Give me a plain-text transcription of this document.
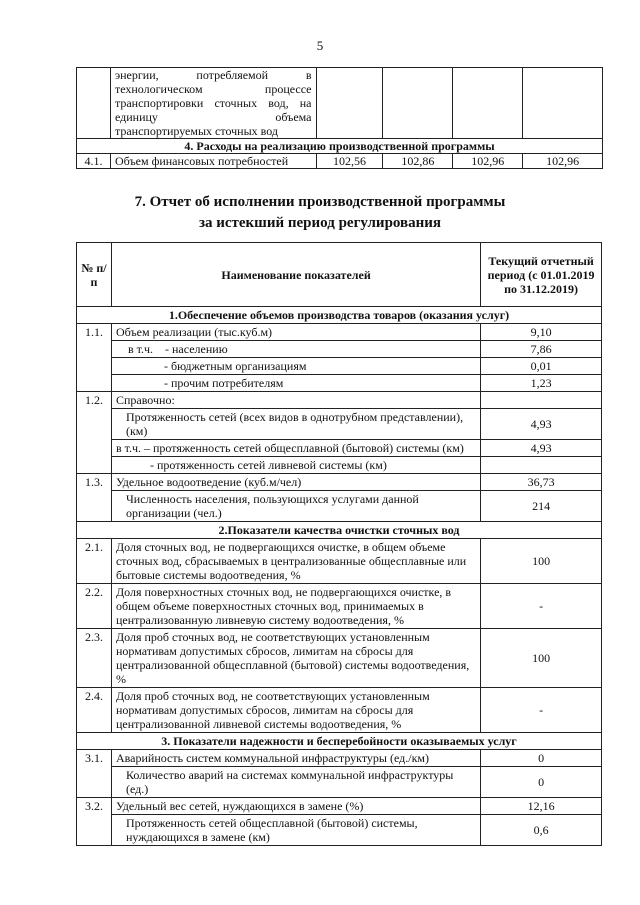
5

	энергии, потребляемой в
технологическом процессе
транспортировки сточных вод, на
единицу объема
транспортируемых сточных вод				

4. Расходы на реализацию производственной программы					
4.1.	Объем финансовых потребностей	102,56	102,86	102,96	102,96
7. Отчет об исполнении производственной программы
за истекший период регулирования
№ п/п	Наименование показателей	Текущий отчетный период (с 01.01.2019 по 31.12.2019)
1.Обеспечение объемов производства товаров (оказания услуг)		
1.1.	Объем реализации (тыс.куб.м)	9,10
	в т.ч. - населению	7,86

	- бюджетным организациям	0,01

	- прочим потребителям	1,23
1.2.	Справочно:	

	Протяженность сетей (всех видов в однотрубном представлении), (км)	4,93
	в т.ч. – протяженность сетей общесплавной (бытовой) системы (км)	4,93

	- протяженность сетей ливневой системы (км)	

1.3.	Удельное водоотведение (куб.м/чел)	36,73

	Численность населения, пользующихся услугами данной организации (чел.)	214
2.Показатели качества очистки сточных вод		
2.1.	Доля сточных вод, не подвергающихся очистке, в общем объеме сточных вод, сбрасываемых в централизованные общесплавные или бытовые системы водоотведения, %	100
2.2.	Доля поверхностных сточных вод, не подвергающихся очистке, в общем объеме поверхностных сточных вод, принимаемых в централизованную ливневую систему водоотведения, %	-
2.3.	Доля проб сточных вод, не соответствующих установленным нормативам допустимых сбросов, лимитам на сбросы для централизованной общесплавной (бытовой) системы водоотведения, %	100
2.4.	Доля проб сточных вод, не соответствующих установленным нормативам допустимых сбросов, лимитам на сбросы для централизованной ливневой системы водоотведения, %	-
3. Показатели надежности и бесперебойности оказываемых услуг		
3.1.	Аварийность систем коммунальной инфраструктуры (ед./км)	0

	Количество аварий на системах коммунальной инфраструктуры (ед.)	0
3.2.	Удельный вес сетей, нуждающихся в замене (%)	12,16

	Протяженность сетей общесплавной (бытовой) системы, нуждающихся в замене (км)	0,6
